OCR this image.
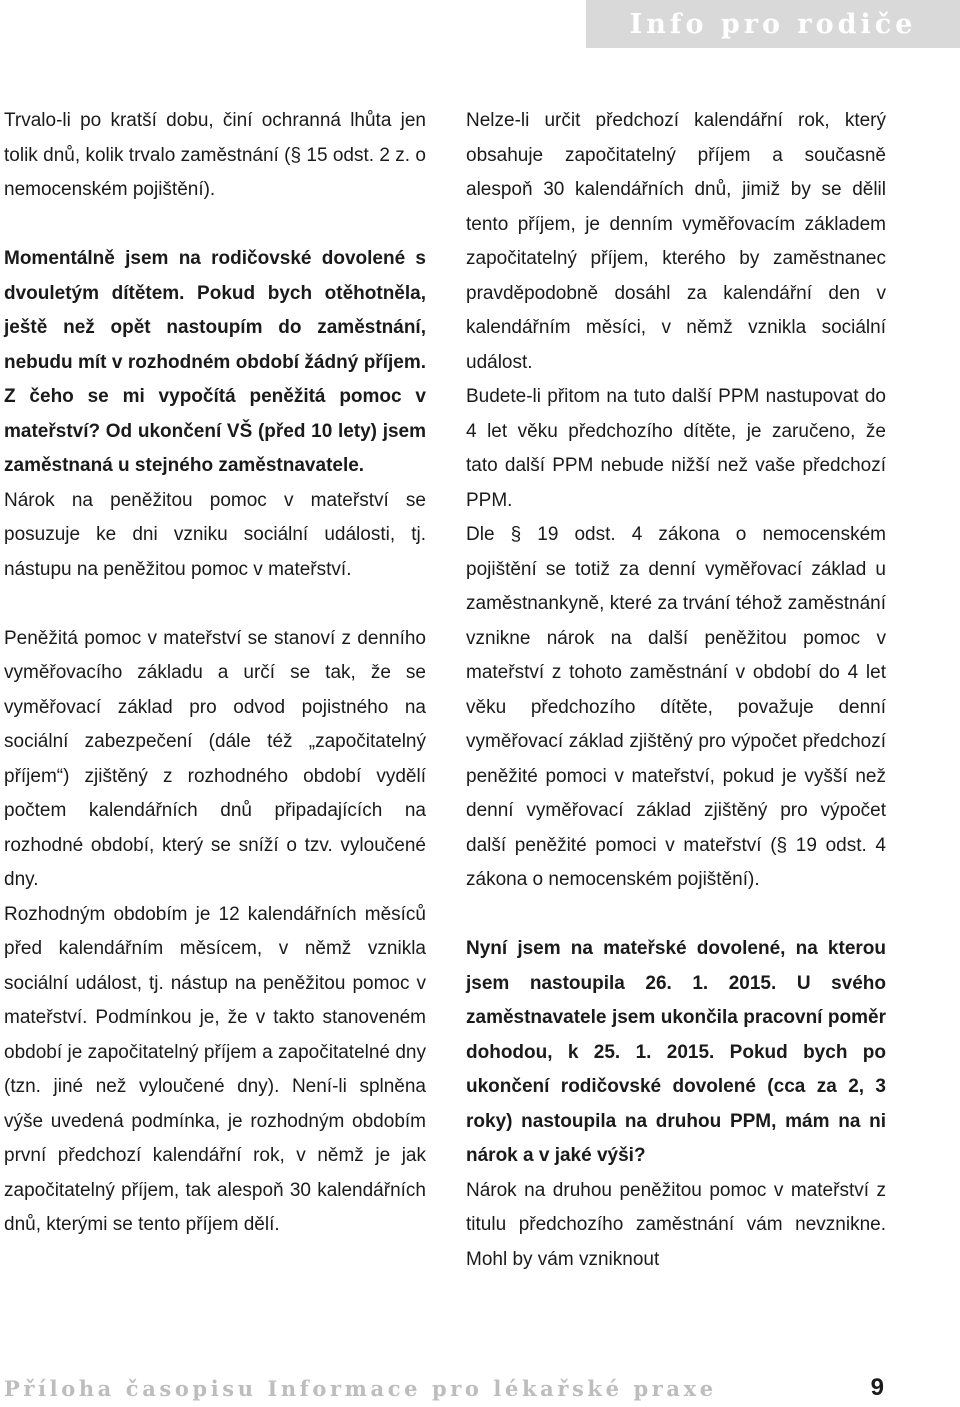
Info pro rodiče

Trvalo-li po kratší dobu, činí ochranná lhůta jen tolik dnů, kolik trvalo zaměstnání (§ 15 odst. 2 z. o nemocenském pojištění).

Momentálně jsem na rodičovské dovolené s dvouletým dítětem. Pokud bych otěhotněla, ještě než opět nastoupím do zaměstnání, nebudu mít v rozhodném období žádný příjem. Z čeho se mi vypočítá peněžitá pomoc v mateřství? Od ukončení VŠ (před 10 lety) jsem zaměstnaná u stejného zaměstnavatele.

Nárok na peněžitou pomoc v mateřství se posuzuje ke dni vzniku sociální události, tj. nástupu na peněžitou pomoc v mateřství.

Peněžitá pomoc v mateřství se stanoví z denního vyměřovacího základu a určí se tak, že se vyměřovací základ pro odvod pojistného na sociální zabezpečení (dále též „započitatelný příjem“) zjištěný z rozhodného období vydělí počtem kalendářních dnů připadajících na rozhodné období, který se sníží o tzv. vyloučené dny.

Rozhodným obdobím je 12 kalendářních měsíců před kalendářním měsícem, v němž vznikla sociální událost, tj. nástup na peněžitou pomoc v mateřství. Podmínkou je, že v takto stanoveném období je započitatelný příjem a započitatelné dny (tzn. jiné než vyloučené dny). Není-li splněna výše uvedená podmínka, je rozhodným obdobím první předchozí kalendářní rok, v němž je jak započitatelný příjem, tak alespoň 30 kalendářních dnů, kterými se tento příjem dělí.

Nelze-li určit předchozí kalendářní rok, který obsahuje započitatelný příjem a současně alespoň 30 kalendářních dnů, jimiž by se dělil tento příjem, je denním vyměřovacím základem započitatelný příjem, kterého by zaměstnanec pravděpodobně dosáhl za kalendářní den v kalendářním měsíci, v němž vznikla sociální událost.

Budete-li přitom na tuto další PPM nastupovat do 4 let věku předchozího dítěte, je zaručeno, že tato další PPM nebude nižší než vaše předchozí PPM.

Dle § 19 odst. 4 zákona o nemocenském pojištění se totiž za denní vyměřovací základ u zaměstnankyně, které za trvání téhož zaměstnání vznikne nárok na další peněžitou pomoc v mateřství z tohoto zaměstnání v období do 4 let věku předchozího dítěte, považuje denní vyměřovací základ zjištěný pro výpočet předchozí peněžité pomoci v mateřství, pokud je vyšší než denní vyměřovací základ zjištěný pro výpočet další peněžité pomoci v mateřství (§ 19 odst. 4 zákona o nemocenském pojištění).

Nyní jsem na mateřské dovolené, na kterou jsem nastoupila 26. 1. 2015. U svého zaměstnavatele jsem ukončila pracovní poměr dohodou, k 25. 1. 2015. Pokud bych po ukončení rodičovské dovolené (cca za 2, 3 roky) nastoupila na druhou PPM, mám na ni nárok a v jaké výši?

Nárok na druhou peněžitou pomoc v mateřství z titulu předchozího zaměstnání vám nevznikne. Mohl by vám vzniknout

Příloha časopisu Informace pro lékařské praxe	9
